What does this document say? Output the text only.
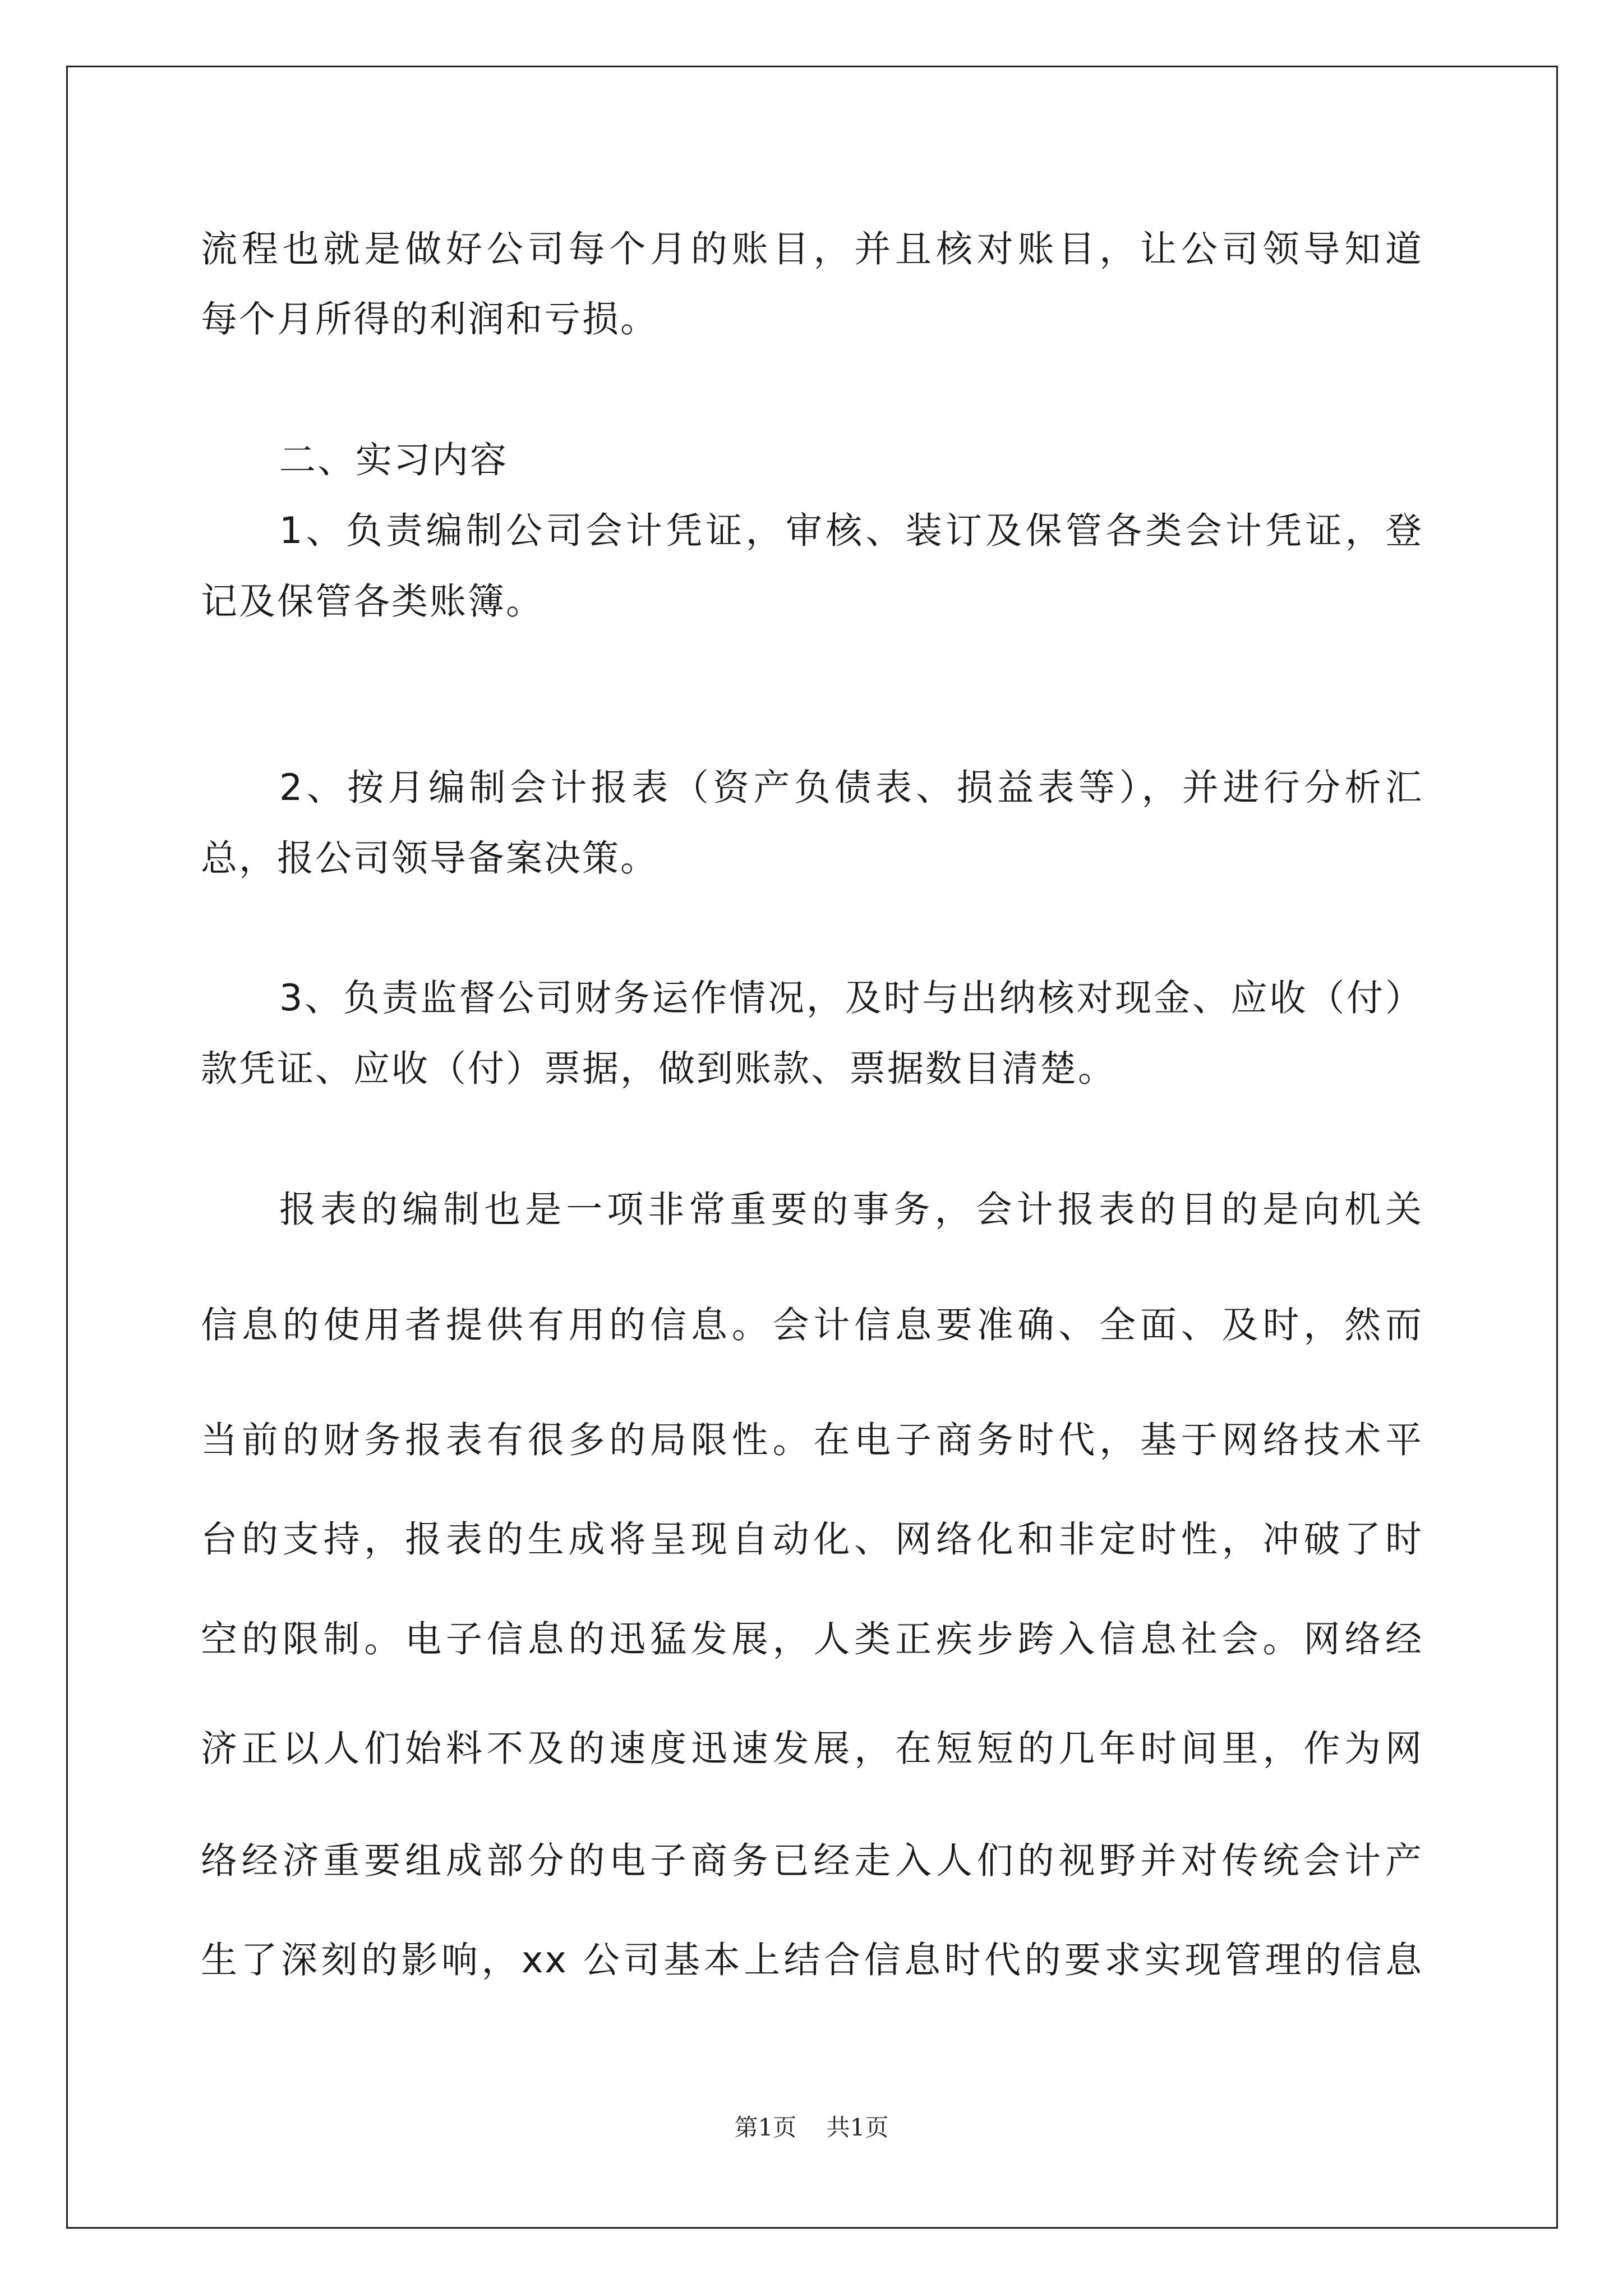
流程也就是做好公司每个月的账目，并且核对账目，让公司领导知道
每个月所得的利润和亏损。
二、实习内容
1、负责编制公司会计凭证，审核、装订及保管各类会计凭证，登
记及保管各类账簿。
2、按月编制会计报表（资产负债表、损益表等），并进行分析汇
总，报公司领导备案决策。
3、负责监督公司财务运作情况，及时与出纳核对现金、应收（付）
款凭证、应收（付）票据，做到账款、票据数目清楚。
报表的编制也是一项非常重要的事务，会计报表的目的是向机关
信息的使用者提供有用的信息。会计信息要准确、全面、及时，然而
当前的财务报表有很多的局限性。在电子商务时代，基于网络技术平
台的支持，报表的生成将呈现自动化、网络化和非定时性，冲破了时
空的限制。电子信息的迅猛发展，人类正疾步跨入信息社会。网络经
济正以人们始料不及的速度迅速发展，在短短的几年时间里，作为网
络经济重要组成部分的电子商务已经走入人们的视野并对传统会计产
生了深刻的影响，xx 公司基本上结合信息时代的要求实现管理的信息
第1页    共1页
